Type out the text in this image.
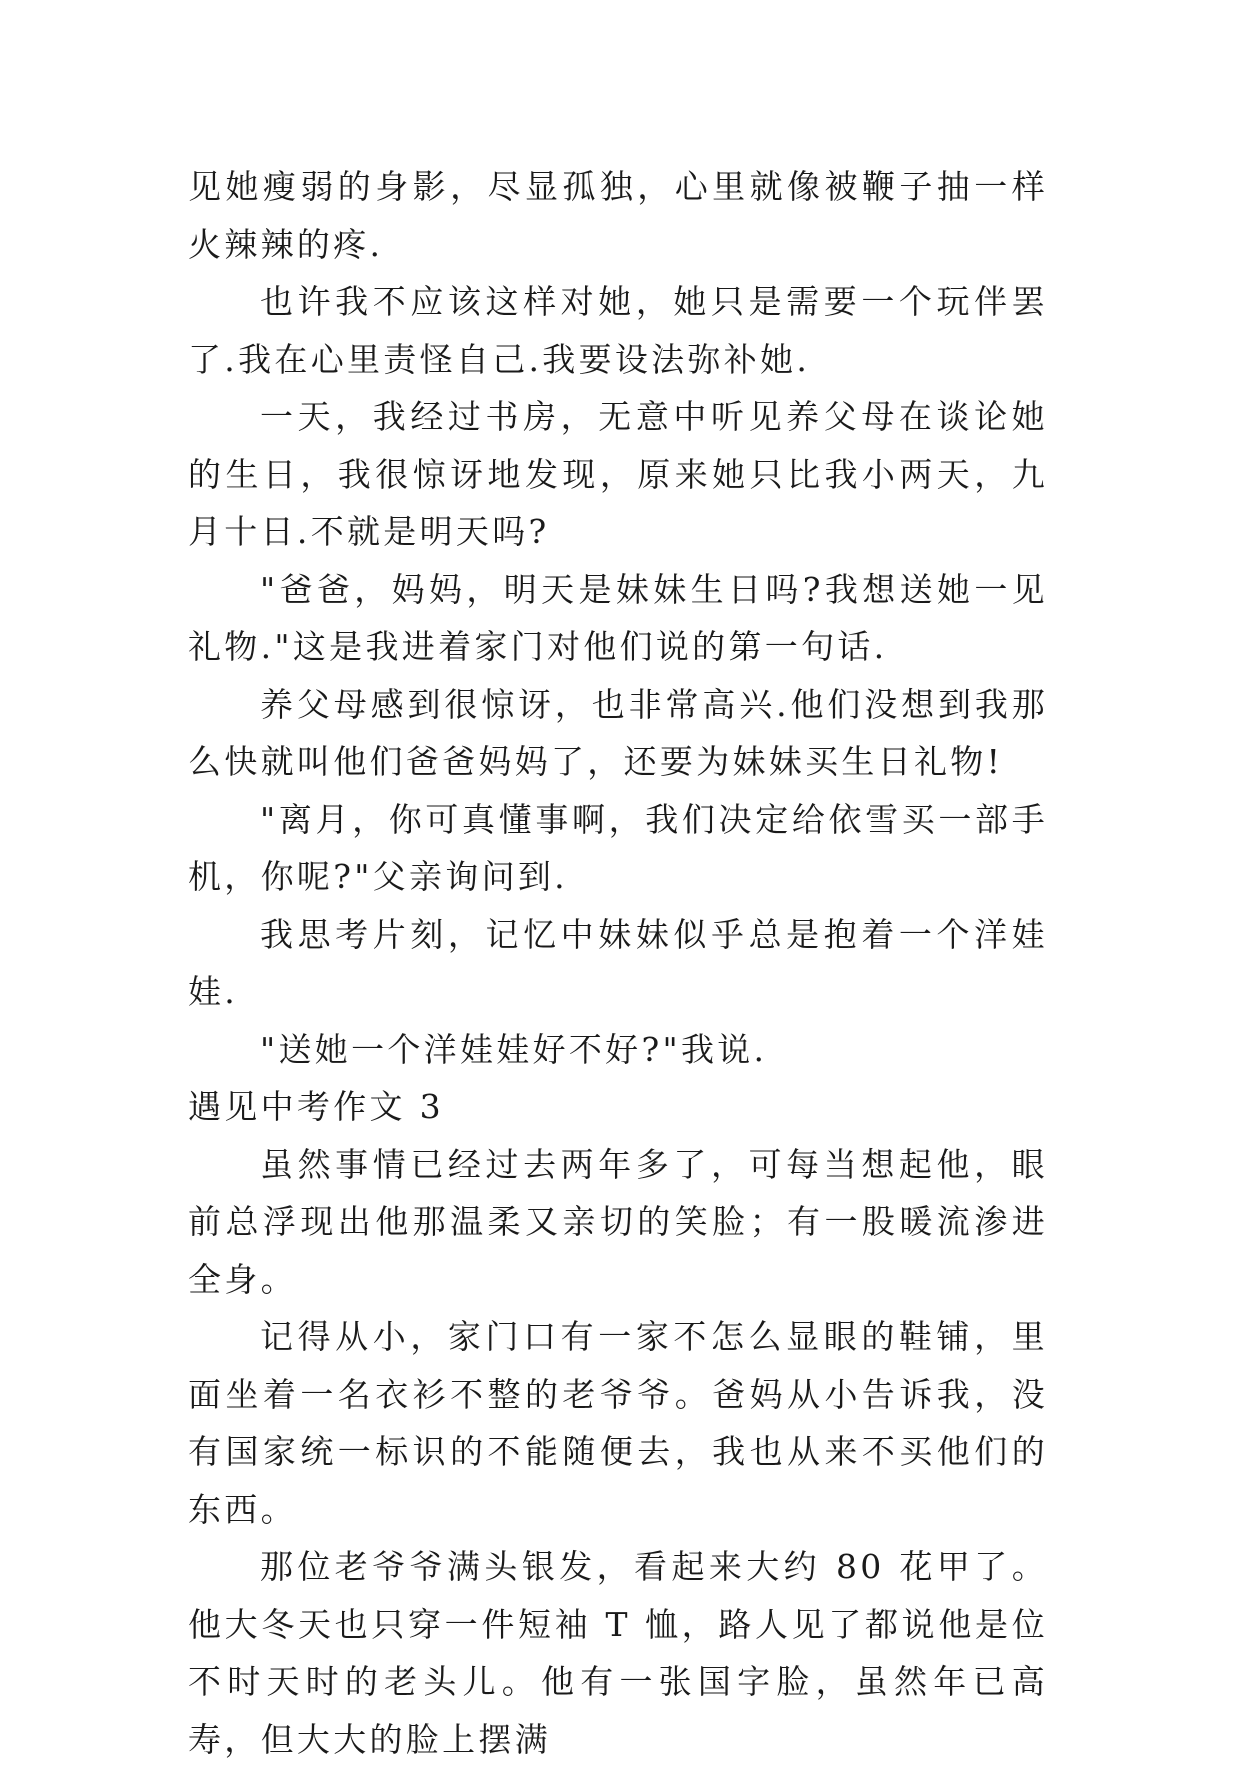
见她瘦弱的身影，尽显孤独，心里就像被鞭子抽一样火辣辣的疼.

也许我不应该这样对她，她只是需要一个玩伴罢了.我在心里责怪自己.我要设法弥补她.

一天，我经过书房，无意中听见养父母在谈论她的生日，我很惊讶地发现，原来她只比我小两天，九月十日.不就是明天吗?

"爸爸，妈妈，明天是妹妹生日吗?我想送她一见礼物."这是我进着家门对他们说的第一句话.

养父母感到很惊讶，也非常高兴.他们没想到我那么快就叫他们爸爸妈妈了，还要为妹妹买生日礼物!

"离月，你可真懂事啊，我们决定给依雪买一部手机，你呢?"父亲询问到.

我思考片刻，记忆中妹妹似乎总是抱着一个洋娃娃.

"送她一个洋娃娃好不好?"我说.

遇见中考作文 3

虽然事情已经过去两年多了，可每当想起他，眼前总浮现出他那温柔又亲切的笑脸；有一股暖流渗进全身。

记得从小，家门口有一家不怎么显眼的鞋铺，里面坐着一名衣衫不整的老爷爷。爸妈从小告诉我，没有国家统一标识的不能随便去，我也从来不买他们的东西。

那位老爷爷满头银发，看起来大约 80 花甲了。他大冬天也只穿一件短袖 T 恤，路人见了都说他是位不时天时的老头儿。他有一张国字脸，虽然年已高寿，但大大的脸上摆满
